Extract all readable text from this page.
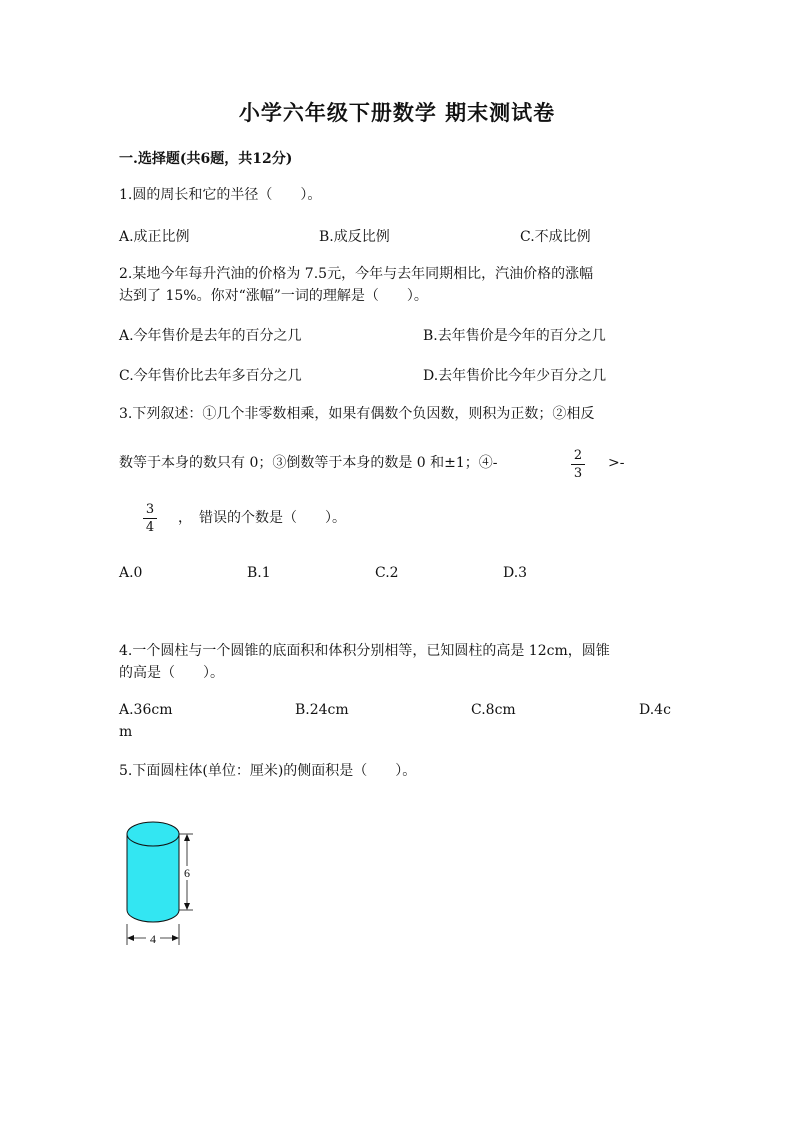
小学六年级下册数学 期末测试卷
一.选择题(共6题，共12分)
1.圆的周长和它的半径（　　）。
A.成正比例	B.成反比例	C.不成比例
2.某地今年每升汽油的价格为 7.5元，今年与去年同期相比，汽油价格的涨幅
达到了 15%。你对“涨幅”一词的理解是（　　）。
A.今年售价是去年的百分之几	B.去年售价是今年的百分之几
C.今年售价比去年多百分之几	D.去年售价比今年少百分之几
3.下列叙述：①几个非零数相乘，如果有偶数个负因数，则积为正数；②相反
数等于本身的数只有 0；③倒数等于本身的数是 0 和±1；④-	2
3
>-
3
4
，　错误的个数是（　　）。
A.0	B.1	C.2	D.3
4.一个圆柱与一个圆锥的底面积和体积分别相等，已知圆柱的高是 12cm，圆锥
的高是（　　）。
A.36cm	B.24cm	C.8cm	D.4c
m
5.下面圆柱体(单位：厘米)的侧面积是（　　）。
6
4
